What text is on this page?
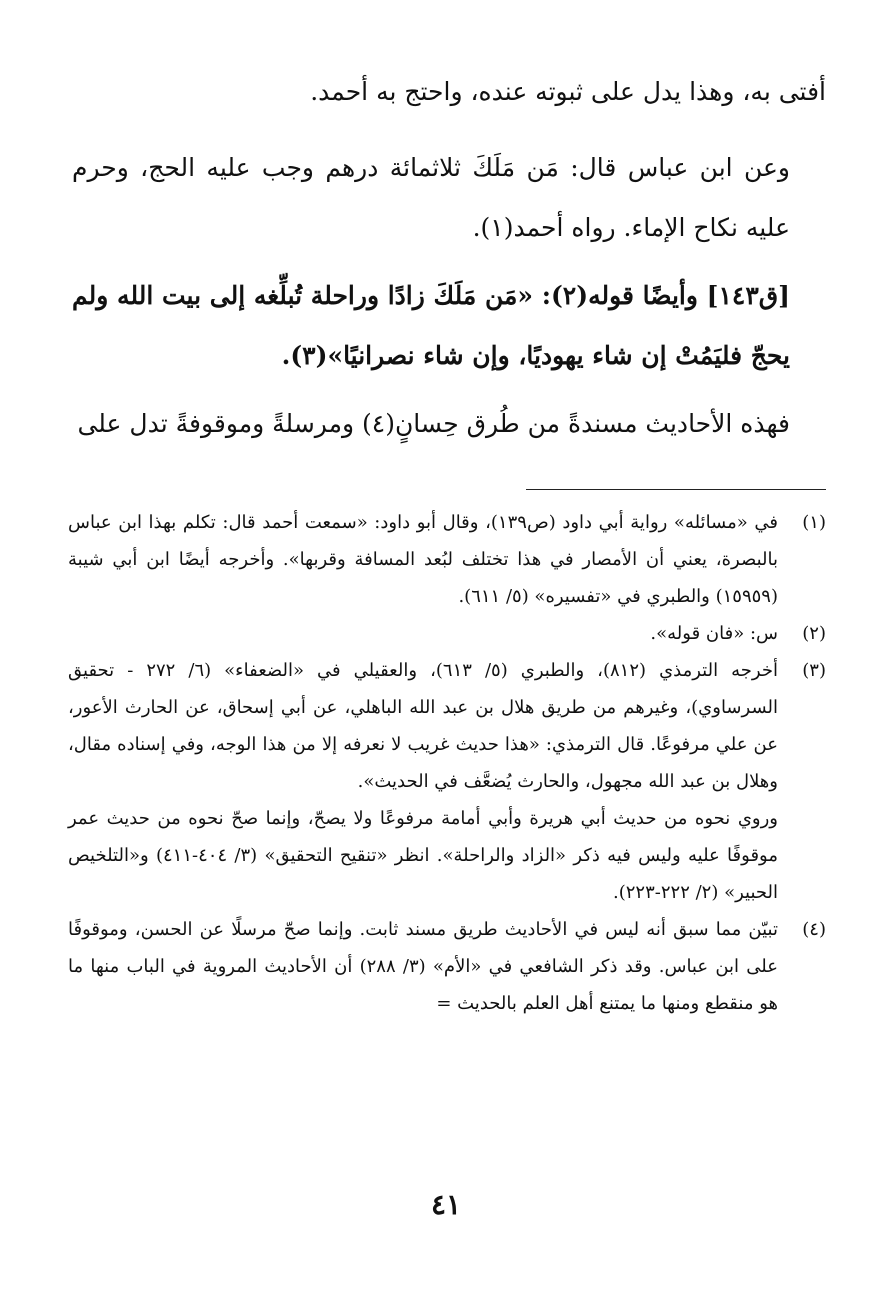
أفتى به، وهذا يدل على ثبوته عنده، واحتج به أحمد.

وعن ابن عباس قال: مَن مَلَكَ ثلاثمائة درهم وجب عليه الحج، وحرم عليه نكاح الإماء. رواه أحمد(١).

[ق١٤٣] وأيضًا قوله(٢): «مَن مَلَكَ زادًا وراحلة تُبلِّغه إلى بيت الله ولم يحجّ فليَمُتْ إن شاء يهوديًا، وإن شاء نصرانيًا»(٣).

فهذه الأحاديث مسندةً من طُرق حِسانٍ(٤) ومرسلةً وموقوفةً تدل على

(١)

في «مسائله» رواية أبي داود (ص١٣٩)، وقال أبو داود: «سمعت أحمد قال: تكلم بهذا ابن عباس بالبصرة، يعني أن الأمصار في هذا تختلف لبُعد المسافة وقربها». وأخرجه أيضًا ابن أبي شيبة (١٥٩٥٩) والطبري في «تفسيره» (٥/ ٦١١).

(٢)

س: «فان قوله».

(٣)

أخرجه الترمذي (٨١٢)، والطبري (٥/ ٦١٣)، والعقيلي في «الضعفاء» (٦/ ٢٧٢ - تحقيق السرساوي)، وغيرهم من طريق هلال بن عبد الله الباهلي، عن أبي إسحاق، عن الحارث الأعور، عن علي مرفوعًا. قال الترمذي: «هذا حديث غريب لا نعرفه إلا من هذا الوجه، وفي إسناده مقال، وهلال بن عبد الله مجهول، والحارث يُضعَّف في الحديث».

وروي نحوه من حديث أبي هريرة وأبي أمامة مرفوعًا ولا يصحّ، وإنما صحّ نحوه من حديث عمر موقوفًا عليه وليس فيه ذكر «الزاد والراحلة». انظر «تنقيح التحقيق» (٣/ ٤٠٤-٤١١) و«التلخيص الحبير» (٢/ ٢٢٢-٢٢٣).

(٤)

تبيّن مما سبق أنه ليس في الأحاديث طريق مسند ثابت. وإنما صحّ مرسلًا عن الحسن، وموقوفًا على ابن عباس. وقد ذكر الشافعي في «الأم» (٣/ ٢٨٨) أن الأحاديث المروية في الباب منها ما هو منقطع ومنها ما يمتنع أهل العلم بالحديث =

٤١
